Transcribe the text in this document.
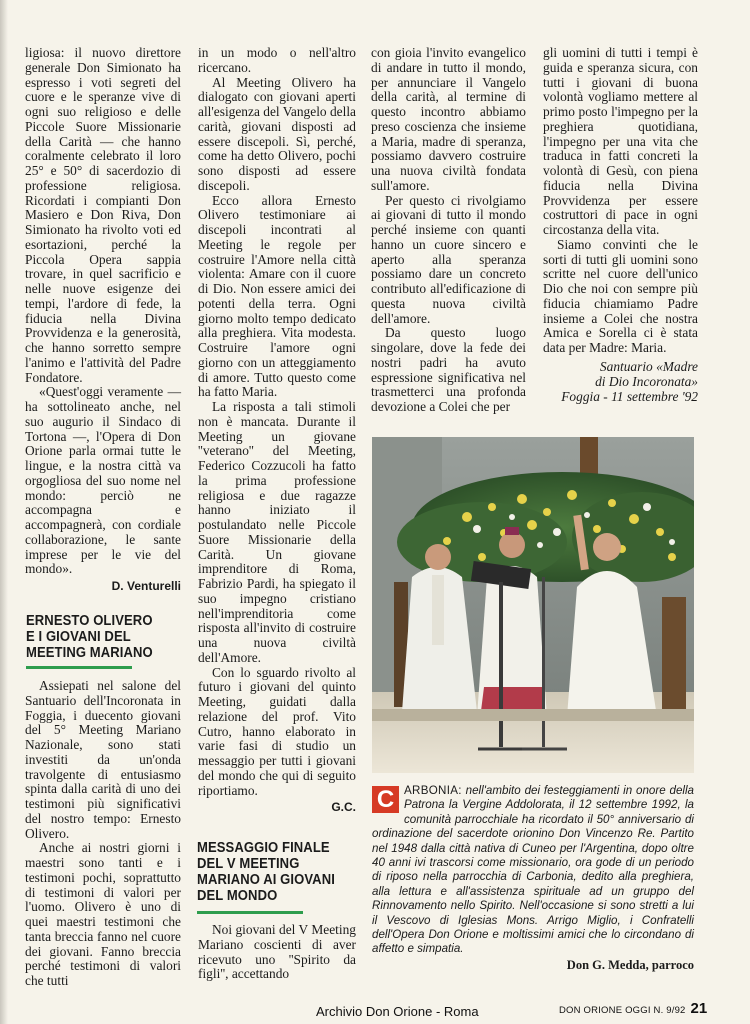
ligiosa: il nuovo direttore generale Don Simionato ha espresso i voti segreti del cuore e le speranze vive di ogni suo religioso e delle Piccole Suore Missionarie della Carità — che hanno coralmente celebrato il loro 25° e 50° di sacerdozio di professione religiosa. Ricordati i compianti Don Masiero e Don Riva, Don Simionato ha rivolto voti ed esortazioni, perché la Piccola Opera sappia trovare, in quel sacrificio e nelle nuove esigenze dei tempi, l'ardore di fede, la fiducia nella Divina Provvidenza e la generosità, che hanno sorretto sempre l'animo e l'attività del Padre Fondatore.

«Quest'oggi veramente — ha sottolineato anche, nel suo augurio il Sindaco di Tortona —, l'Opera di Don Orione parla ormai tutte le lingue, e la nostra città va orgogliosa del suo nome nel mondo: perciò ne accompagna e accompagnerà, con cordiale collaborazione, le sante imprese per le vie del mondo».

D. Venturelli
ERNESTO OLIVERO
E I GIOVANI DEL
MEETING MARIANO

Assiepati nel salone del Santuario dell'Incoronata in Foggia, i duecento giovani del 5° Meeting Mariano Nazionale, sono stati investiti da un'onda travolgente di entusiasmo spinta dalla carità di uno dei testimoni più significativi del nostro tempo: Ernesto Olivero.

Anche ai nostri giorni i maestri sono tanti e i testimoni pochi, soprattutto di testimoni di valori per l'uomo. Olivero è uno di quei maestri testimoni che tanta breccia fanno nel cuore dei giovani. Fanno breccia perché testimoni di valori che tutti

in un modo o nell'altro ricercano.

Al Meeting Olivero ha dialogato con giovani aperti all'esigenza del Vangelo della carità, giovani disposti ad essere discepoli. Sì, perché, come ha detto Olivero, pochi sono disposti ad essere discepoli.

Ecco allora Ernesto Olivero testimoniare ai discepoli incontrati al Meeting le regole per costruire l'Amore nella città violenta: Amare con il cuore di Dio. Non essere amici dei potenti della terra. Ogni giorno molto tempo dedicato alla preghiera. Vita modesta. Costruire l'amore ogni giorno con un atteggiamento di amore. Tutto questo come ha fatto Maria.

La risposta a tali stimoli non è mancata. Durante il Meeting un giovane ''veterano'' del Meeting, Federico Cozzucoli ha fatto la prima professione religiosa e due ragazze hanno iniziato il postulandato nelle Piccole Suore Missionarie della Carità. Un giovane imprenditore di Roma, Fabrizio Pardi, ha spiegato il suo impegno cristiano nell'imprenditoria come risposta all'invito di costruire una nuova civiltà dell'Amore.

Con lo sguardo rivolto al futuro i giovani del quinto Meeting, guidati dalla relazione del prof. Vito Cutro, hanno elaborato in varie fasi di studio un messaggio per tutti i giovani del mondo che qui di seguito riportiamo.

G.C.
MESSAGGIO FINALE
DEL V MEETING
MARIANO AI GIOVANI
DEL MONDO

Noi giovani del V Meeting Mariano coscienti di aver ricevuto uno ''Spirito da figli'', accettando

con gioia l'invito evangelico di andare in tutto il mondo, per annunciare il Vangelo della carità, al termine di questo incontro abbiamo preso coscienza che insieme a Maria, madre di speranza, possiamo davvero costruire una nuova civiltà fondata sull'amore.

Per questo ci rivolgiamo ai giovani di tutto il mondo perché insieme con quanti hanno un cuore sincero e aperto alla speranza possiamo dare un concreto contributo all'edificazione di questa nuova civiltà dell'amore.

Da questo luogo singolare, dove la fede dei nostri padri ha avuto espressione significativa nel trasmetterci una profonda devozione a Colei che per

gli uomini di tutti i tempi è guida e speranza sicura, con tutti i giovani di buona volontà vogliamo mettere al primo posto l'impegno per la preghiera quotidiana, l'impegno per una vita che traduca in fatti concreti la volontà di Gesù, con piena fiducia nella Divina Provvidenza per essere costruttori di pace in ogni circostanza della vita.

Siamo convinti che le sorti di tutti gli uomini sono scritte nel cuore dell'unico Dio che noi con sempre più fiducia chiamiamo Padre insieme a Colei che nostra Amica e Sorella ci è stata data per Madre: Maria.

Santuario «Madre
di Dio Incoronata»
Foggia - 11 settembre '92
C ARBONIA: nell'ambito dei festeggiamenti in onore della Patrona la Vergine Addolorata, il 12 settembre 1992, la comunità parrocchiale ha ricordato il 50° anniversario di ordinazione del sacerdote orionino Don Vincenzo Re. Partito nel 1948 dalla città nativa di Cuneo per l'Argentina, dopo oltre 40 anni ivi trascorsi come missionario, ora gode di un periodo di riposo nella parrocchia di Carbonia, dedito alla preghiera, alla lettura e all'assistenza spirituale ad un gruppo del Rinnovamento nello Spirito. Nell'occasione si sono stretti a lui il Vescovo di Iglesias Mons. Arrigo Miglio, i Confratelli dell'Opera Don Orione e moltissimi amici che lo circondano di affetto e simpatia.
Don G. Medda, parroco
Archivio Don Orione - Roma	DON ORIONE OGGI N. 9/92 21
